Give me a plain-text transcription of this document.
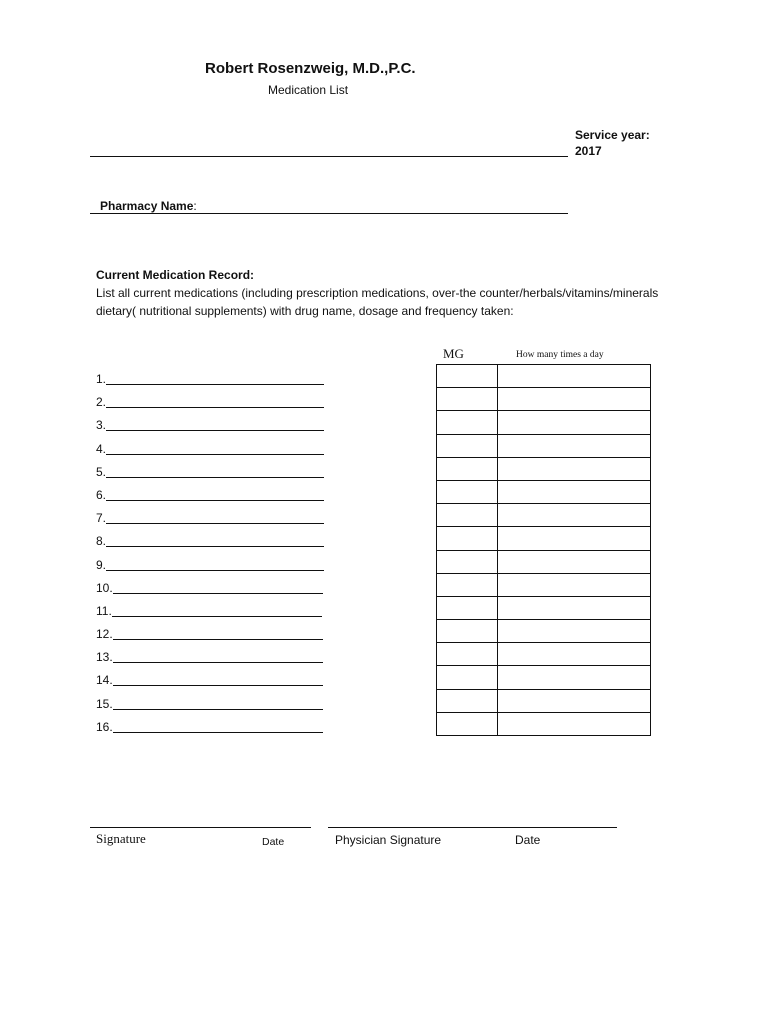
Robert Rosenzweig, M.D.,P.C.
Medication List
Service year:
2017
Pharmacy Name:
Current Medication Record:
List all current medications (including prescription medications, over-the counter/herbals/vitamins/minerals
dietary( nutritional supplements) with drug name, dosage and frequency taken:
MG	How many times a day
1.
2.
3.
4.
5.
6.
7.
8.
9.
10.
11.
12.
13.
14.
15.
16.

Signature	Date	Physician Signature	Date
